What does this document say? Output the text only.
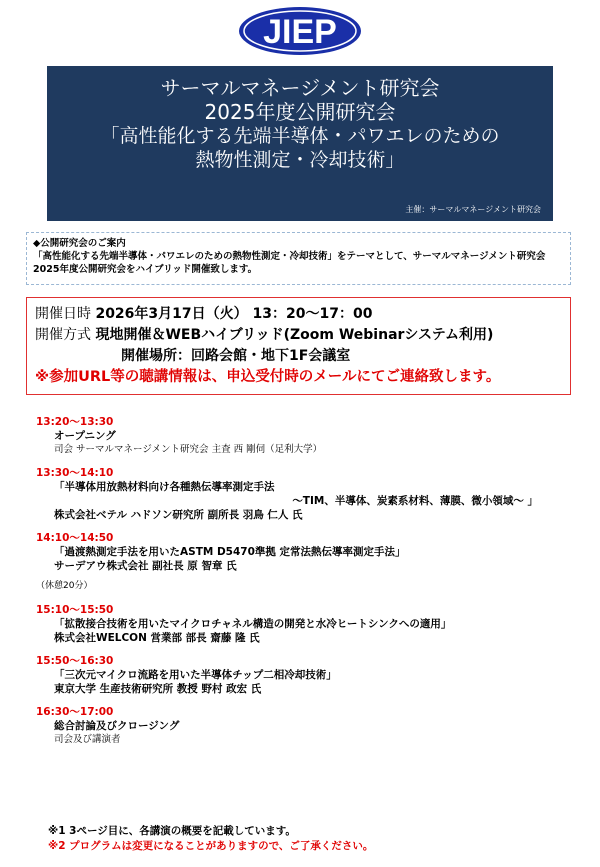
JIEP
サーマルマネージメント研究会
2025年度公開研究会
「高性能化する先端半導体・パワエレのための
熱物性測定・冷却技術」
主催：サーマルマネージメント研究会
◆公開研究会のご案内
「高性能化する先端半導体・パワエレのための熱物性測定・冷却技術」をテーマとして、サーマルマネージメント研究会2025年度公開研究会をハイブリッド開催致します。
開催日時 2026年3月17日（火） 13：20〜17：00
開催方式 現地開催＆WEBハイブリッド(Zoom Webinarシステム利用)
開催場所：回路会館・地下1F会議室
※参加URL等の聴講情報は、申込受付時のメールにてご連絡致します。
13:20〜13:30
オープニング
司会 サーマルマネージメント研究会 主査 西 剛伺（足利大学）
13:30〜14:10
「半導体用放熱材料向け各種熱伝導率測定手法
〜TIM、半導体、炭素系材料、薄膜、微小領域〜 」
株式会社ベテル ハドソン研究所 副所長 羽鳥 仁人 氏
14:10〜14:50
「過渡熱測定手法を用いたASTM D5470準拠 定常法熱伝導率測定手法」
サーデアウ株式会社 副社長 原 智章 氏
（休憩20分）
15:10〜15:50
「拡散接合技術を用いたマイクロチャネル構造の開発と水冷ヒートシンクへの適用」
株式会社WELCON 営業部 部長 齋藤 隆 氏
15:50〜16:30
「三次元マイクロ流路を用いた半導体チップ二相冷却技術」
東京大学 生産技術研究所 教授 野村 政宏 氏
16:30〜17:00
総合討論及びクロージング
司会及び講演者
※1 3ページ目に、各講演の概要を記載しています。
※2 プログラムは変更になることがありますので、ご了承ください。
